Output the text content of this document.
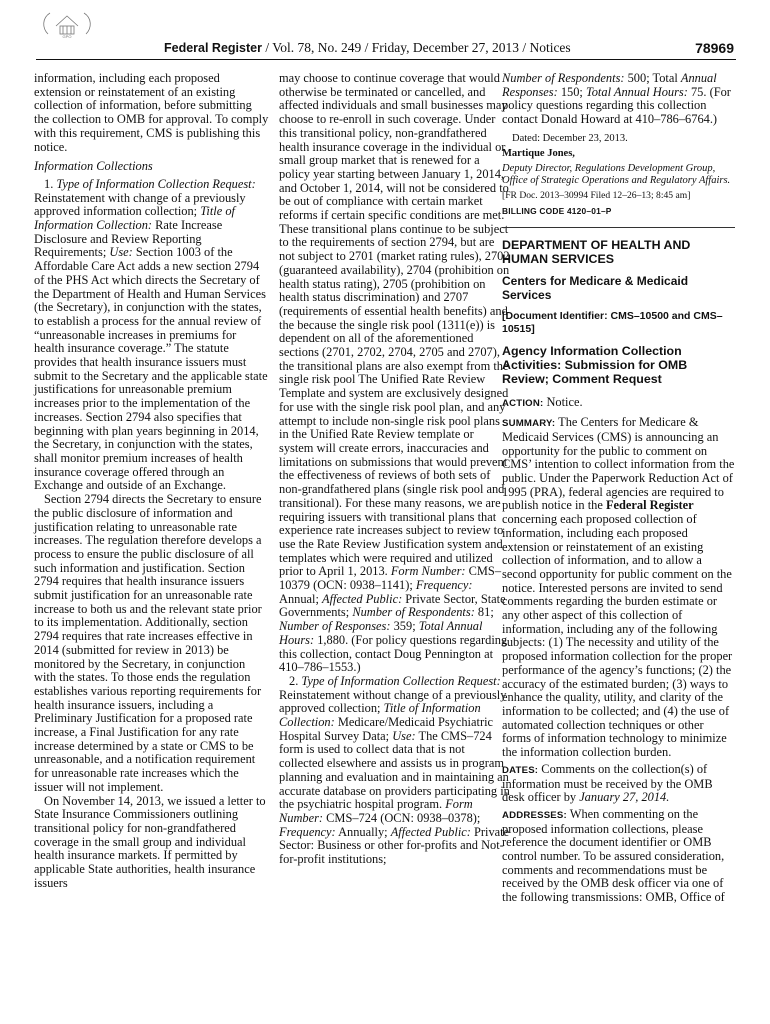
GPO
Federal Register / Vol. 78, No. 249 / Friday, December 27, 2013 / Notices	78969

information, including each proposed extension or reinstatement of an existing collection of information, before submitting the collection to OMB for approval. To comply with this requirement, CMS is publishing this notice.

Information Collections

1. Type of Information Collection Request: Reinstatement with change of a previously approved information collection; Title of Information Collection: Rate Increase Disclosure and Review Reporting Requirements; Use: Section 1003 of the Affordable Care Act adds a new section 2794 of the PHS Act which directs the Secretary of the Department of Health and Human Services (the Secretary), in conjunction with the states, to establish a process for the annual review of “unreasonable increases in premiums for health insurance coverage.” The statute provides that health insurance issuers must submit to the Secretary and the applicable state justifications for unreasonable premium increases prior to the implementation of the increases. Section 2794 also specifies that beginning with plan years beginning in 2014, the Secretary, in conjunction with the states, shall monitor premium increases of health insurance coverage offered through an Exchange and outside of an Exchange.

Section 2794 directs the Secretary to ensure the public disclosure of information and justification relating to unreasonable rate increases. The regulation therefore develops a process to ensure the public disclosure of all such information and justification. Section 2794 requires that health insurance issuers submit justification for an unreasonable rate increase to both us and the relevant state prior to its implementation. Additionally, section 2794 requires that rate increases effective in 2014 (submitted for review in 2013) be monitored by the Secretary, in conjunction with the states. To those ends the regulation establishes various reporting requirements for health insurance issuers, including a Preliminary Justification for a proposed rate increase, a Final Justification for any rate increase determined by a state or CMS to be unreasonable, and a notification requirement for unreasonable rate increases which the issuer will not implement.

On November 14, 2013, we issued a letter to State Insurance Commissioners outlining transitional policy for non-grandfathered coverage in the small group and individual health insurance markets. If permitted by applicable State authorities, health insurance issuers

may choose to continue coverage that would otherwise be terminated or cancelled, and affected individuals and small businesses may choose to re-enroll in such coverage. Under this transitional policy, non-grandfathered health insurance coverage in the individual or small group market that is renewed for a policy year starting between January 1, 2014, and October 1, 2014, will not be considered to be out of compliance with certain market reforms if certain specific conditions are met. These transitional plans continue to be subject to the requirements of section 2794, but are not subject to 2701 (market rating rules), 2702 (guaranteed availability), 2704 (prohibition on health status rating), 2705 (prohibition on health status discrimination) and 2707 (requirements of essential health benefits) and the because the single risk pool (1311(e)) is dependent on all of the aforementioned sections (2701, 2702, 2704, 2705 and 2707), the transitional plans are also exempt from the single risk pool The Unified Rate Review Template and system are exclusively designed for use with the single risk pool plan, and any attempt to include non-single risk pool plans in the Unified Rate Review template or system will create errors, inaccuracies and limitations on submissions that would prevent the effectiveness of reviews of both sets of non-grandfathered plans (single risk pool and transitional). For these many reasons, we are requiring issuers with transitional plans that experience rate increases subject to review to use the Rate Review Justification system and templates which were required and utilized prior to April 1, 2013. Form Number: CMS–10379 (OCN: 0938–1141); Frequency: Annual; Affected Public: Private Sector, State Governments; Number of Respondents: 81; Number of Responses: 359; Total Annual Hours: 1,880. (For policy questions regarding this collection, contact Doug Pennington at 410–786–1553.)

2. Type of Information Collection Request: Reinstatement without change of a previously approved collection; Title of Information Collection: Medicare/Medicaid Psychiatric Hospital Survey Data; Use: The CMS–724 form is used to collect data that is not collected elsewhere and assists us in program planning and evaluation and in maintaining an accurate database on providers participating in the psychiatric hospital program. Form Number: CMS–724 (OCN: 0938–0378); Frequency: Annually; Affected Public: Private Sector: Business or other for-profits and Not-for-profit institutions;

Number of Respondents: 500; Total Annual Responses: 150; Total Annual Hours: 75. (For policy questions regarding this collection contact Donald Howard at 410–786–6764.)

Dated: December 23, 2013.

Martique Jones,

Deputy Director, Regulations Development Group, Office of Strategic Operations and Regulatory Affairs.

[FR Doc. 2013–30994 Filed 12–26–13; 8:45 am]

BILLING CODE 4120–01–P

DEPARTMENT OF HEALTH AND HUMAN SERVICES

Centers for Medicare & Medicaid Services

[Document Identifier: CMS–10500 and CMS–10515]

Agency Information Collection Activities: Submission for OMB Review; Comment Request

ACTION: Notice.

SUMMARY: The Centers for Medicare & Medicaid Services (CMS) is announcing an opportunity for the public to comment on CMS’ intention to collect information from the public. Under the Paperwork Reduction Act of 1995 (PRA), federal agencies are required to publish notice in the Federal Register concerning each proposed collection of information, including each proposed extension or reinstatement of an existing collection of information, and to allow a second opportunity for public comment on the notice. Interested persons are invited to send comments regarding the burden estimate or any other aspect of this collection of information, including any of the following subjects: (1) The necessity and utility of the proposed information collection for the proper performance of the agency’s functions; (2) the accuracy of the estimated burden; (3) ways to enhance the quality, utility, and clarity of the information to be collected; and (4) the use of automated collection techniques or other forms of information technology to minimize the information collection burden.

DATES: Comments on the collection(s) of information must be received by the OMB desk officer by January 27, 2014.

ADDRESSES: When commenting on the proposed information collections, please reference the document identifier or OMB control number. To be assured consideration, comments and recommendations must be received by the OMB desk officer via one of the following transmissions: OMB, Office of
